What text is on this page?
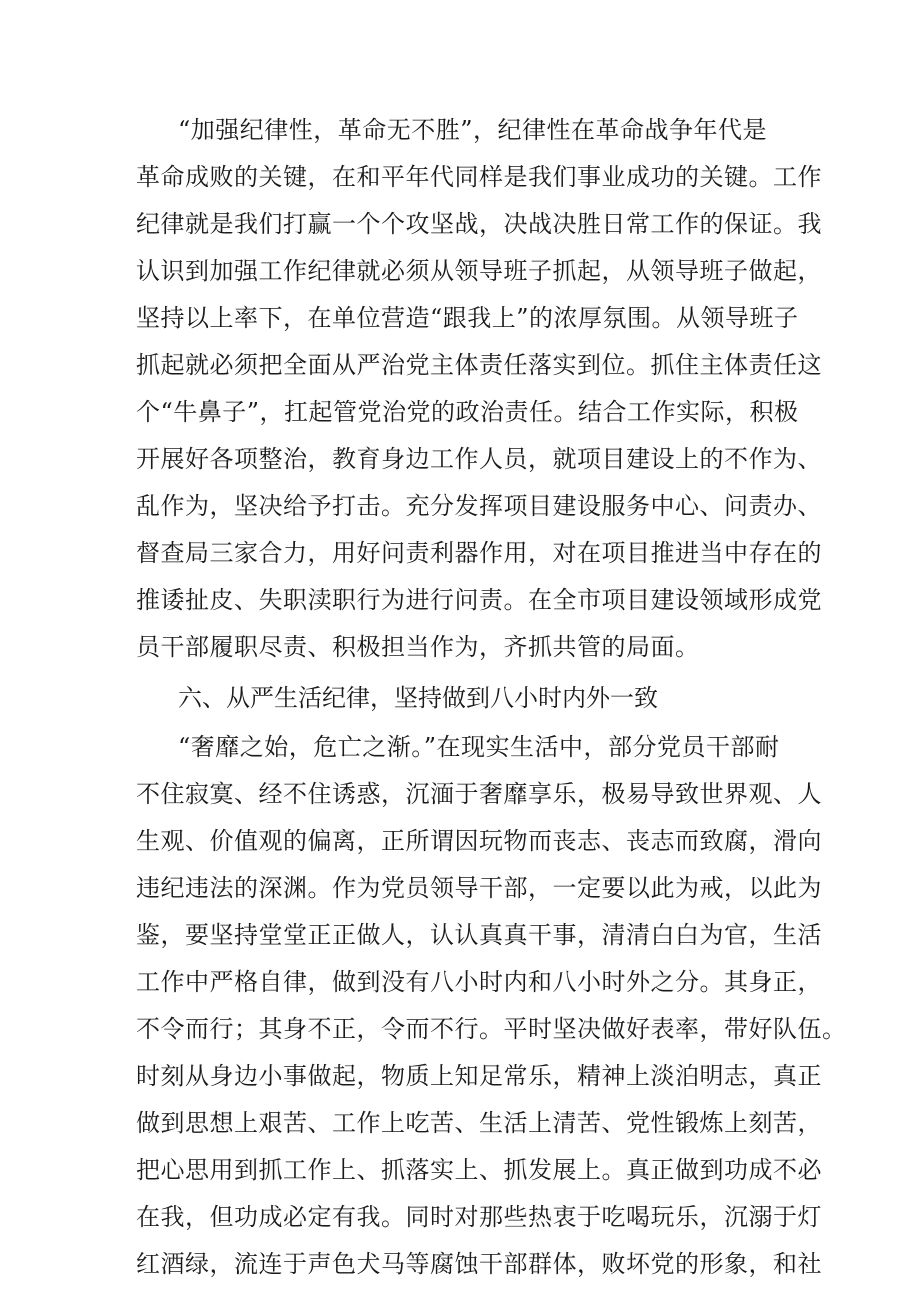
“加强纪律性，革命无不胜”，纪律性在革命战争年代是
革命成败的关键，在和平年代同样是我们事业成功的关键。工作
纪律就是我们打赢一个个攻坚战，决战决胜日常工作的保证。我
认识到加强工作纪律就必须从领导班子抓起，从领导班子做起，
坚持以上率下，在单位营造“跟我上”的浓厚氛围。从领导班子
抓起就必须把全面从严治党主体责任落实到位。抓住主体责任这
个“牛鼻子”，扛起管党治党的政治责任。结合工作实际，积极
开展好各项整治，教育身边工作人员，就项目建设上的不作为、
乱作为，坚决给予打击。充分发挥项目建设服务中心、问责办、
督查局三家合力，用好问责利器作用，对在项目推进当中存在的
推诿扯皮、失职渎职行为进行问责。在全市项目建设领域形成党
员干部履职尽责、积极担当作为，齐抓共管的局面。
六、从严生活纪律，坚持做到八小时内外一致
“奢靡之始，危亡之渐。”在现实生活中，部分党员干部耐
不住寂寞、经不住诱惑，沉湎于奢靡享乐，极易导致世界观、人
生观、价值观的偏离，正所谓因玩物而丧志、丧志而致腐，滑向
违纪违法的深渊。作为党员领导干部，一定要以此为戒，以此为
鉴，要坚持堂堂正正做人，认认真真干事，清清白白为官，生活
工作中严格自律，做到没有八小时内和八小时外之分。其身正，
不令而行；其身不正，令而不行。平时坚决做好表率，带好队伍。
时刻从身边小事做起，物质上知足常乐，精神上淡泊明志，真正
做到思想上艰苦、工作上吃苦、生活上清苦、党性锻炼上刻苦，
把心思用到抓工作上、抓落实上、抓发展上。真正做到功成不必
在我，但功成必定有我。同时对那些热衷于吃喝玩乐，沉溺于灯
红酒绿，流连于声色犬马等腐蚀干部群体，败坏党的形象，和社
